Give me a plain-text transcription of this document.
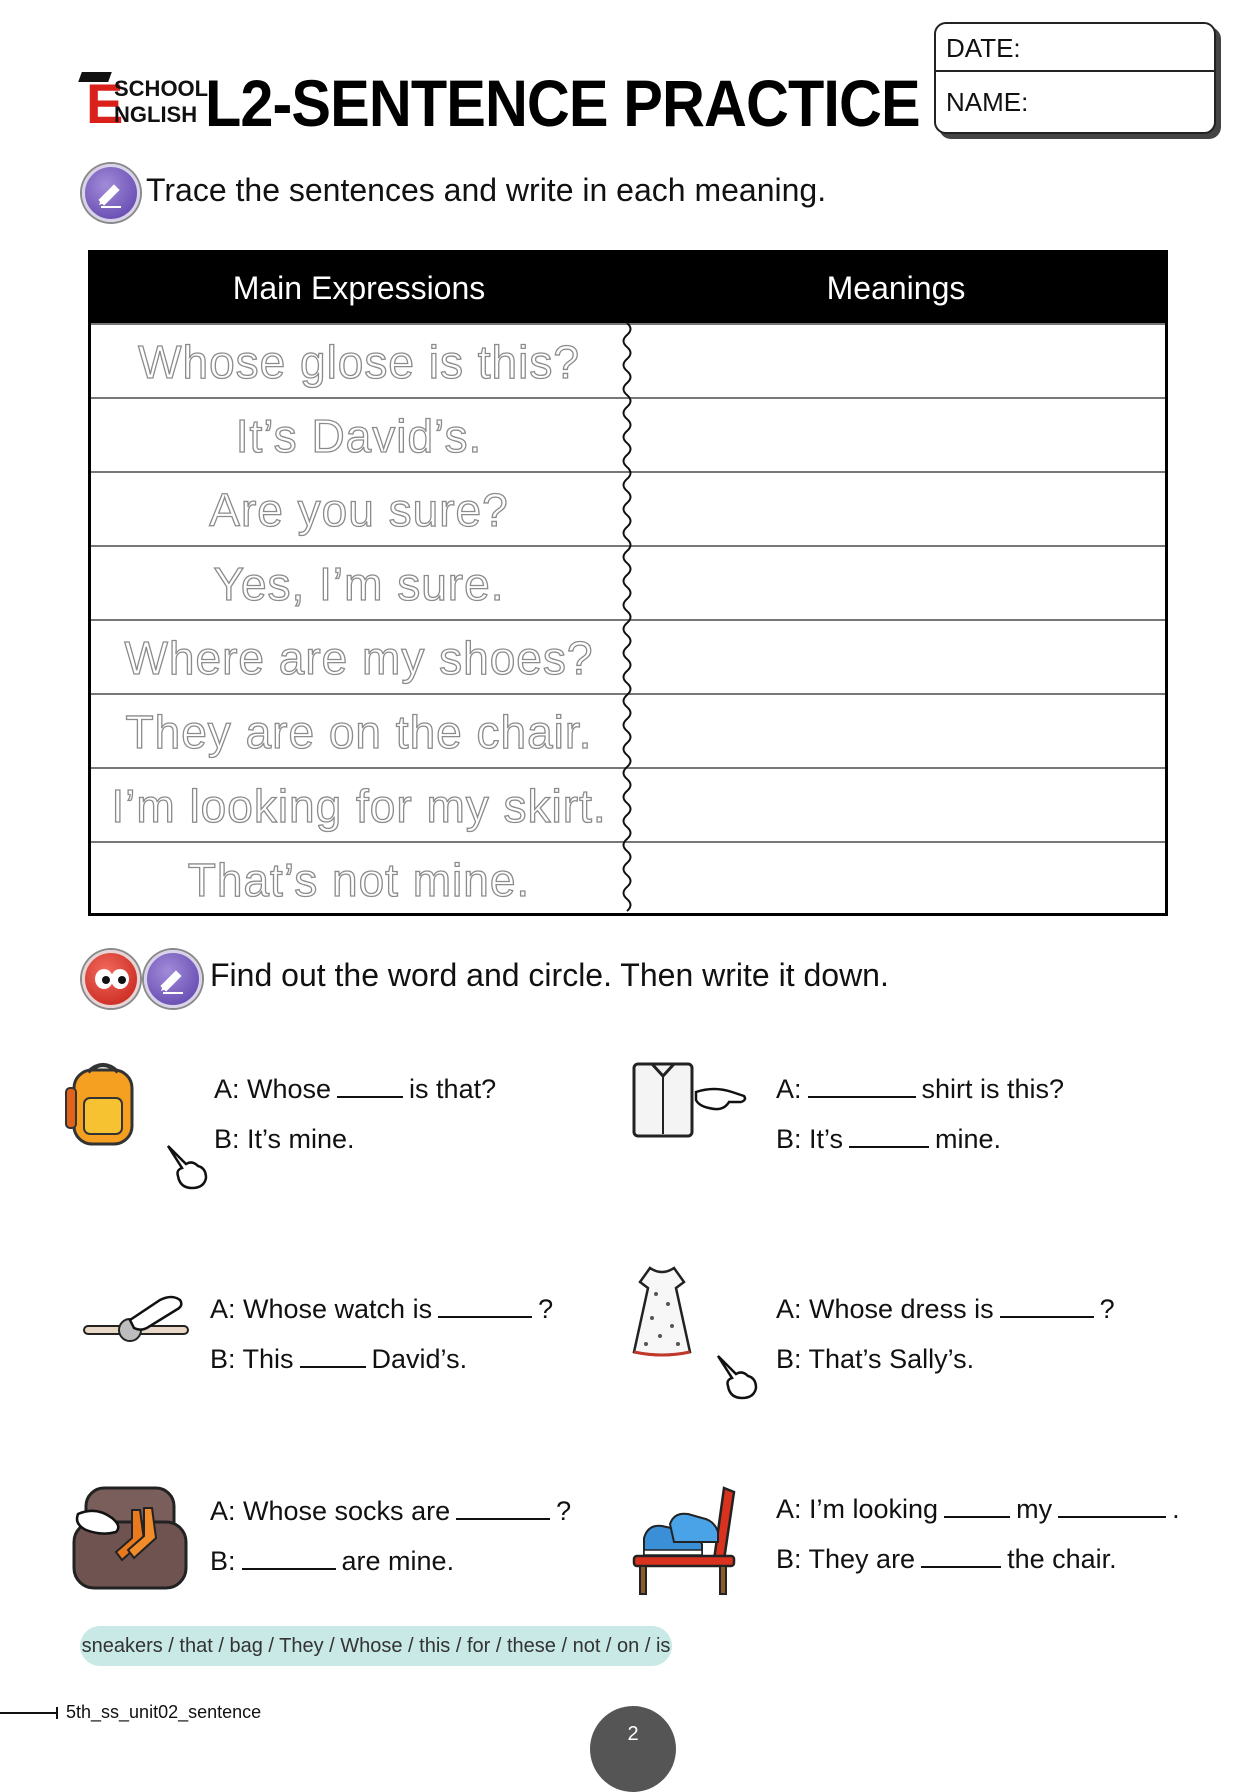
E
SCHOOL
NGLISH L2-SENTENCE PRACTICE
DATE:
NAME:
Trace the sentences and write in each meaning.
Main Expressions	Meanings
Whose glose is this?
It’s David’s.
Are you sure?
Yes, I’m sure.
Where are my shoes?
They are on the chair.
I’m looking for my skirt.
That’s not mine.
Find out the word and circle. Then write it down.
A: Whose	is that?
B: It’s mine.
A:	shirt is this?
B: It’s	mine.
A: Whose watch is	?
B: This	David’s.
A: Whose dress is	?
B: That’s Sally’s.
A: Whose socks are	?
B:	are mine.
A: I’m looking	my	.
B: They are	the chair.
sneakers / that / bag / They / Whose / this / for / these / not / on / is
5th_ss_unit02_sentence
2
